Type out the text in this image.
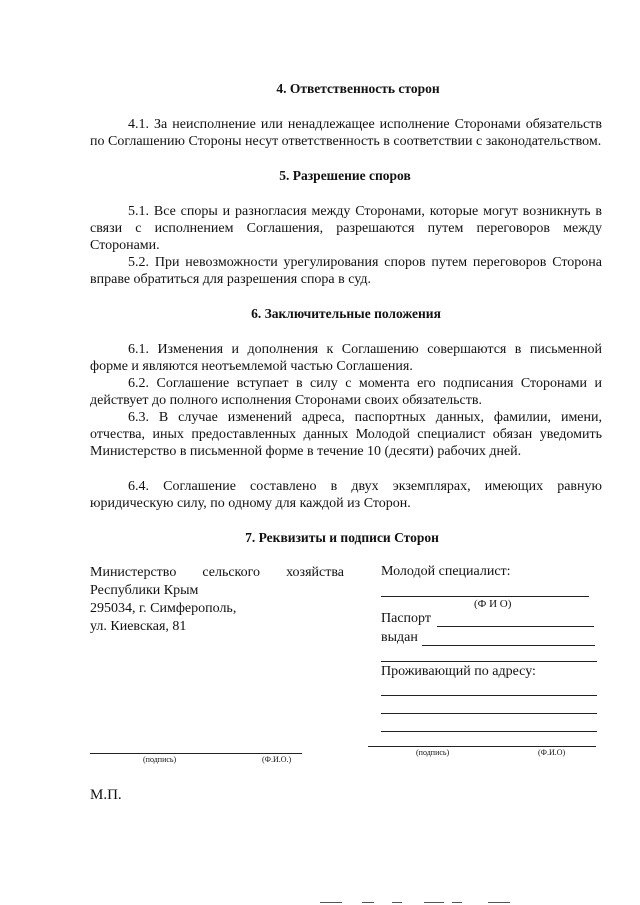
4. Ответственность сторон

4.1. За неисполнение или ненадлежащее исполнение Сторонами обязательств по Соглашению Стороны несут ответственность в соответствии с законодательством.

5. Разрешение споров

5.1. Все споры и разногласия между Сторонами, которые могут возникнуть в связи с исполнением Соглашения, разрешаются путем переговоров между Сторонами.

5.2. При невозможности урегулирования споров путем переговоров Сторона вправе обратиться для разрешения спора в суд.

6. Заключительные положения

6.1. Изменения и дополнения к Соглашению совершаются в письменной форме и являются неотъемлемой частью Соглашения.

6.2. Соглашение вступает в силу с момента его подписания Сторонами и действует до полного исполнения Сторонами своих обязательств.

6.3. В случае изменений адреса, паспортных данных, фамилии, имени, отчества, иных предоставленных данных Молодой специалист обязан уведомить Министерство в письменной форме в течение 10 (десяти) рабочих дней.

6.4. Соглашение составлено в двух экземплярах, имеющих равную юридическую силу, по одному для каждой из Сторон.

7. Реквизиты и подписи Сторон
Министерство сельского хозяйства
Республики Крым
295034, г. Симферополь,
ул. Киевская, 81
Молодой специалист:
(Ф И О)
Паспорт
выдан
Проживающий по адресу:
(подпись)	(Ф.И.О.)
(подпись)	(Ф.И.О)
М.П.
